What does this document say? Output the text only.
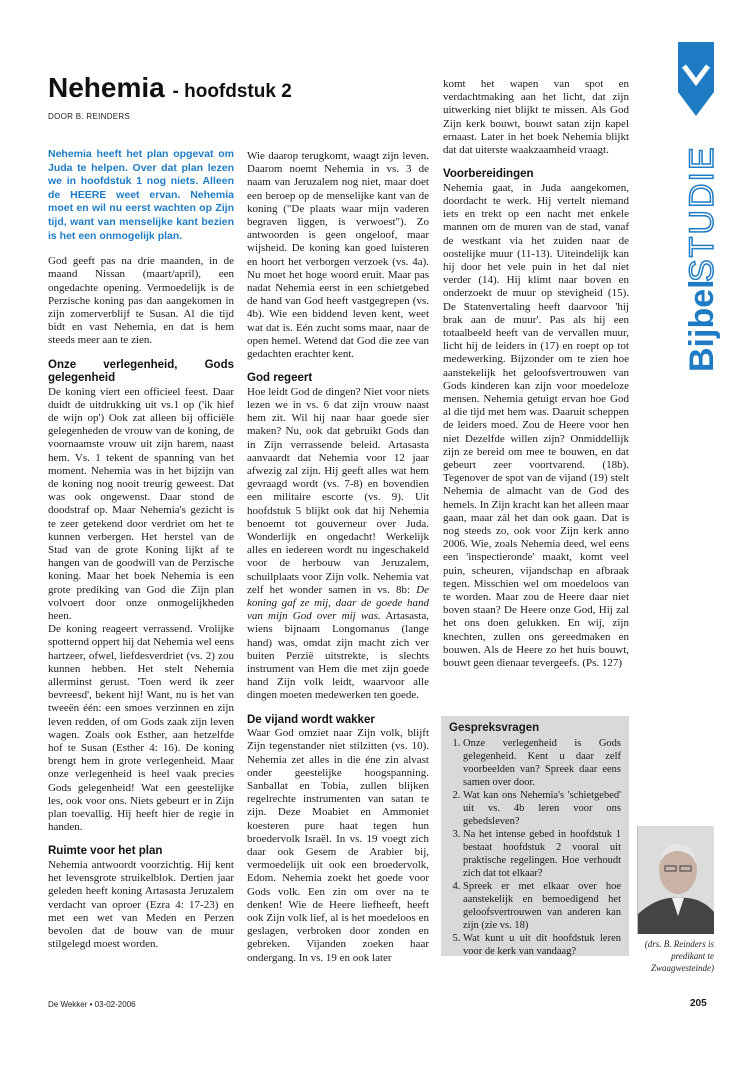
Nehemia - hoofdstuk 2
DOOR B. REINDERS

Nehemia heeft het plan opgevat om Juda te helpen. Over dat plan lezen we in hoofdstuk 1 nog niets. Alleen de HEERE weet ervan. Nehemia moet en wil nu eerst wachten op Zijn tijd, want van menselijke kant bezien is het een onmogelijk plan.

God geeft pas na drie maanden, in de maand Nissan (maart/april), een ongedachte opening. Vermoedelijk is de Perzische koning pas dan aangekomen in zijn zomerverblijf te Susan. Al die tijd bidt en vast Nehemia, en dat is hem steeds meer aan te zien.

Onze verlegenheid, Gods gelegenheid

De koning viert een officieel feest. Daar duidt de uitdrukking uit vs.1 op ('ik hief de wijn op') Ook zat alleen bij officiële gelegenheden de vrouw van de koning, de voornaamste vrouw uit zijn harem, naast hem. Vs. 1 tekent de spanning van het moment. Nehemia was in het bijzijn van de koning nog nooit treurig geweest. Dat was ook ongewenst. Daar stond de doodstraf op. Maar Nehemia's gezicht is te zeer getekend door verdriet om het te kunnen verbergen. Het herstel van de Stad van de grote Koning lijkt af te hangen van de goodwill van de Perzische koning. Maar het boek Nehemia is een grote prediking van God die Zijn plan volvoert door onze onmogelijkheden heen.

De koning reageert verrassend. Vrolijke spotternd oppert hij dat Nehemia wel eens hartzeer, ofwel, liefdesverdriet (vs. 2) zou kunnen hebben. Het stelt Nehemia allerminst gerust. 'Toen werd ik zeer bevreesd', bekent hij! Want, nu is het van tweeën één: een smoes verzinnen en zijn leven redden, of om Gods zaak zijn leven wagen. Zoals ook Esther, aan hetzelfde hof te Susan (Esther 4: 16). De koning brengt hem in grote verlegenheid. Maar onze verlegenheid is heel vaak precies Gods gelegenheid! Wat een geestelijke les, ook voor ons. Niets gebeurt er in Zijn plan toevallig. Hij heeft hier de regie in handen.

Ruimte voor het plan

Nehemia antwoordt voorzichtig. Hij kent het levensgrote struikelblok. Dertien jaar geleden heeft koning Artasasta Jeruzalem verdacht van oproer (Ezra 4: 17-23) en met een wet van Meden en Perzen bevolen dat de bouw van de muur stilgelegd moest worden.

Wie daarop terugkomt, waagt zijn leven. Daarom noemt Nehemia in vs. 3 de naam van Jeruzalem nog niet, maar doet een beroep op de menselijke kant van de koning ("De plaats waar mijn vaderen begraven liggen, is verwoest"). Zo antwoorden is geen ongeloof, maar wijsheid. De koning kan goed luisteren en hoort het verborgen verzoek (vs. 4a). Nu moet het hoge woord eruit. Maar pas nadat Nehemia eerst in een schietgebed de hand van God heeft vastgegrepen (vs. 4b). Wie een biddend leven kent, weet wat dat is. Eén zucht soms maar, naar de open hemel. Wetend dat God die zee van gedachten erachter kent.

God regeert

Hoe leidt God de dingen? Niet voor niets lezen we in vs. 6 dat zijn vrouw naast hem zit. Wil hij naar haar goede sier maken? Nu, ook dat gebruikt Gods dan in Zijn verrassende beleid. Artasasta aanvaardt dat Nehemia voor 12 jaar afwezig zal zijn. Hij geeft alles wat hem gevraagd wordt (vs. 7-8) en bovendien een militaire escorte (vs. 9). Uit hoofdstuk 5 blijkt ook dat hij Nehemia benoemt tot gouverneur over Juda. Wonderlijk en ongedacht! Werkelijk alles en iedereen wordt nu ingeschakeld voor de herbouw van Jeruzalem, schuilplaats voor Zijn volk. Nehemia vat zelf het wonder samen in vs. 8b: De koning gaf ze mij, daar de goede hand van mijn God over mij was. Artasasta, wiens bijnaam Longomanus (lange hand) was, omdat zijn macht zich ver buiten Perzië uitstrekte, is slechts instrument van Hem die met zijn goede hand Zijn volk leidt, waarvoor alle dingen moeten medewerken ten goede.

De vijand wordt wakker

Waar God omziet naar Zijn volk, blijft Zijn tegenstander niet stilzitten (vs. 10). Nehemia zet alles in die éne zin alvast onder geestelijke hoogspanning. Sanballat en Tobia, zullen blijken regelrechte instrumenten van satan te zijn. Deze Moabiet en Ammoniet koesteren pure haat tegen hun broedervolk Israël. In vs. 19 voegt zich daar ook Gesem de Arabier bij, vermoedelijk uit ook een broedervolk, Edom. Nehemia zoekt het goede voor Gods volk. Een zin om over na te denken! Wie de Heere liefheeft, heeft ook Zijn volk lief, al is het moedeloos en geslagen, verbroken door zonden en gebreken. Vijanden zoeken haar ondergang. In vs. 19 en ook later

komt het wapen van spot en verdachtmaking aan het licht, dat zijn uitwerking niet blijkt te missen. Als God Zijn kerk bouwt, bouwt satan zijn kapel ernaast. Later in het boek Nehemia blijkt dat dat uiterste waakzaamheid vraagt.

Voorbereidingen

Nehemia gaat, in Juda aangekomen, doordacht te werk. Hij vertelt niemand iets en trekt op een nacht met enkele mannen om de muren van de stad, vanaf de westkant via het zuiden naar de oostelijke muur (11-13). Uiteindelijk kan hij door het vele puin in het dal niet verder (14). Hij klimt naar boven en onderzoekt de muur op stevigheid (15). De Statenvertaling heeft daarvoor 'hij brak aan de muur'. Pas als hij een totaalbeeld heeft van de vervallen muur, licht hij de leiders in (17) en roept op tot medewerking. Bijzonder om te zien hoe aanstekelijk het geloofsvertrouwen van Gods kinderen kan zijn voor moedeloze mensen. Nehemia getuigt ervan hoe God al die tijd met hem was. Daaruit scheppen de leiders moed. Zou de Heere voor hen niet Dezelfde willen zijn? Onmiddellijk zijn ze bereid om mee te bouwen, en dat gebeurt zeer voortvarend. (18b). Tegenover de spot van de vijand (19) stelt Nehemia de almacht van de God des hemels. In Zijn kracht kan het alleen maar gaan, maar zàl het dan ook gaan. Dat is nog steeds zo, ook voor Zijn kerk anno 2006. Wie, zoals Nehemia deed, wel eens een 'inspectieronde' maakt, komt veel puin, scheuren, vijandschap en afbraak tegen. Misschien wel om moedeloos van te worden. Maar zou de Heere daar niet boven staan? De Heere onze God, Hij zal het ons doen gelukken. En wij, zijn knechten, zullen ons gereedmaken en bouwen. Als de Heere zo het huis bouwt, bouwt geen dienaar tevergeefs. (Ps. 127)

Gespreksvragen
1. Onze verlegenheid is Gods gelegenheid. Kent u daar zelf voorbeelden van? Spreek daar eens samen over door.
2. Wat kan ons Nehemia's 'schietgebed' uit vs. 4b leren voor ons gebedsleven?
3. Na het intense gebed in hoofdstuk 1 bestaat hoofdstuk 2 vooral uit praktische regelingen. Hoe verhoudt zich dat tot elkaar?
4. Spreek er met elkaar over hoe aanstekelijk en bemoedigend het geloofsvertrouwen van anderen kan zijn (zie vs. 18)
5. Wat kunt u uit dit hoofdstuk leren voor de kerk van vandaag?
(drs. B. Reinders is predikant te Zwaagwesteinde)
STUDIE
Bijbel
De Wekker • 03-02-2006	205
